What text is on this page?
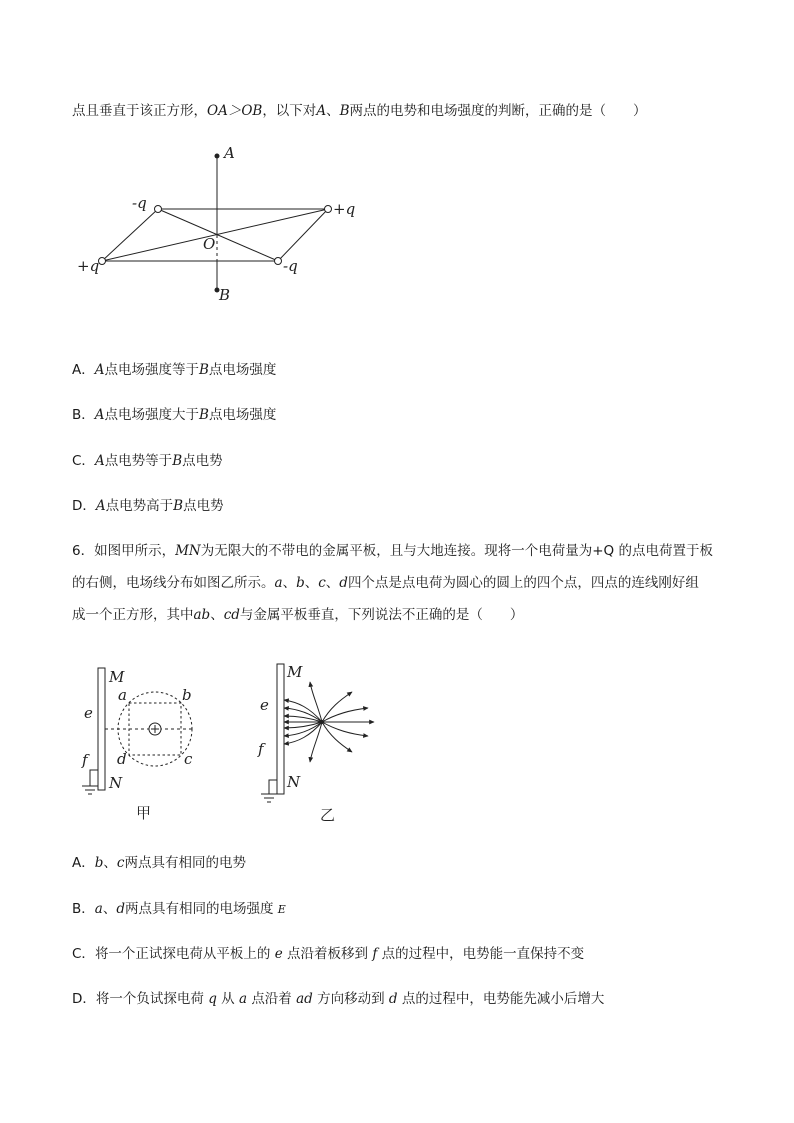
点且垂直于该正方形，OA＞OB，以下对A、B两点的电势和电场强度的判断，正确的是（　　）
A
B
O
-q	+q
+q	-q
A．A点电场强度等于B点电场强度
B．A点电场强度大于B点电场强度
C．A点电势等于B点电势
D．A点电势高于B点电势
6．如图甲所示，MN为无限大的不带电的金属平板，且与大地连接。现将一个电荷量为+Q 的点电荷置于板
的右侧，电场线分布如图乙所示。a、b、c、d四个点是点电荷为圆心的圆上的四个点，四点的连线刚好组
成一个正方形，其中ab、cd与金属平板垂直，下列说法不正确的是（　　）
M
N
e
f
a	b
c
d
甲
M
N
e
f
乙
A．b、c两点具有相同的电势
B．a、d两点具有相同的电场强度 E
C．将一个正试探电荷从平板上的 e 点沿着板移到 f 点的过程中，电势能一直保持不变
D．将一个负试探电荷 q 从 a 点沿着 ad 方向移动到 d 点的过程中，电势能先减小后增大
